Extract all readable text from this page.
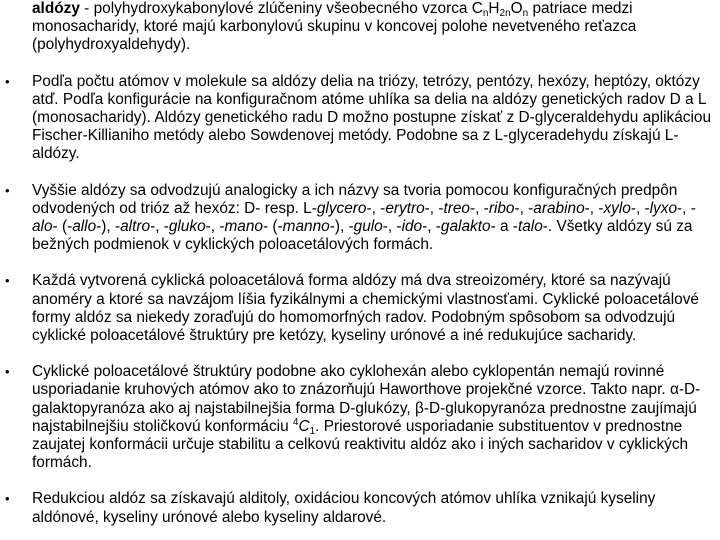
aldózy - polyhydroxykabonylové zlúčeniny všeobecného vzorca $C_nH_{2n}O_n$ patriace medzi monosacharidy, ktoré majú karbonylovú skupinu v koncovej polohe nevetveného reťazca (polyhydroxyaldehydy).

• Podľa počtu atómov v molekule sa aldózy delia na triózy, tetrózy, pentózy, hexózy, heptózy, októzy atď. Podľa konfigurácie na konfiguračnom atóme uhlíka sa delia na aldózy genetických radov D a L (monosacharidy). Aldózy genetického radu D možno postupne získať z D-glyceraldehydu aplikáciou Fischer-Killianiho metódy alebo Sowdenovej metódy. Podobne sa z L-glyceradehydu získajú L-aldózy.

• Vyššie aldózy sa odvodzujú analogicky a ich názvy sa tvoria pomocou konfiguračných predpôn odvodených od trióz až hexóz: D- resp. L-glycero-, -erytro-, -treo-, -ribo-, -arabino-, -xylo-, -lyxo-, -alo- (-allo-), -altro-, -gluko-, -mano- (-manno-), -gulo-, -ido-, -galakto- a -talo-. Všetky aldózy sú za bežných podmienok v cyklických poloacetálových formách.

• Každá vytvorená cyklická poloacetálová forma aldózy má dva streoizoméry, ktoré sa nazývajú anoméry a ktoré sa navzájom líšia fyzikálnymi a chemickými vlastnosťami. Cyklické poloacetálové formy aldóz sa niekedy zoraďujú do homomorfných radov. Podobným spôsobom sa odvodzujú cyklické poloacetálové štruktúry pre ketózy, kyseliny urónové a iné redukujúce sacharidy.

• Cyklické poloacetálové štruktúry podobne ako cyklohexán alebo cyklopentán nemajú rovinné usporiadanie kruhových atómov ako to znázorňujú Haworthove projekčné vzorce. Takto napr. α-D-galaktopyranóza ako aj najstabilnejšia forma D-glukózy, β-D-glukopyranóza prednostne zaujímajú najstabilnejšiu stoličkovú konformáciu $^4C_1$. Priestorové usporiadanie substituentov v prednostne zaujatej konformácii určuje stabilitu a celkovú reaktivitu aldóz ako i iných sacharidov v cyklických formách.

• Redukciou aldóz sa získavajú alditoly, oxidáciou koncových atómov uhlíka vznikajú kyseliny aldónové, kyseliny urónové alebo kyseliny aldarové.
